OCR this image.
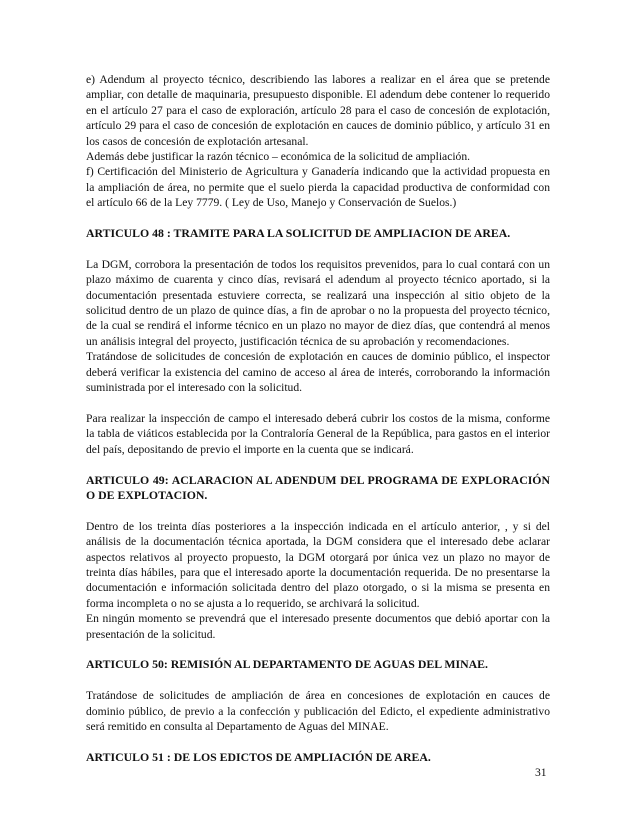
e) Adendum al proyecto técnico, describiendo las labores a realizar en el área que se pretende ampliar, con detalle de maquinaria, presupuesto disponible. El adendum debe contener lo requerido en el artículo 27 para el caso de exploración, artículo 28 para el caso de concesión de explotación, artículo 29 para el caso de concesión de explotación en cauces de dominio público, y artículo 31 en los casos de concesión de explotación artesanal.

Además debe justificar la razón técnico – económica de la solicitud de ampliación.

f) Certificación del Ministerio de Agricultura y Ganadería indicando que la actividad propuesta en la ampliación de área, no permite que el suelo pierda la capacidad productiva de conformidad con el artículo 66 de la Ley 7779. ( Ley de Uso, Manejo y Conservación de Suelos.)

ARTICULO 48 : TRAMITE PARA LA SOLICITUD DE AMPLIACION DE AREA.

La DGM, corrobora la presentación de todos los requisitos prevenidos, para lo cual contará con un plazo máximo de cuarenta y cinco días, revisará el adendum al proyecto técnico aportado, si la documentación presentada estuviere correcta, se realizará una inspección al sitio objeto de la solicitud dentro de un plazo de quince días, a fin de aprobar o no la propuesta del proyecto técnico, de la cual se rendirá el informe técnico en un plazo no mayor de diez días, que contendrá al menos un análisis integral del proyecto, justificación técnica de su aprobación y recomendaciones.

Tratándose de solicitudes de concesión de explotación en cauces de dominio público, el inspector deberá verificar la existencia del camino de acceso al área de interés, corroborando la información suministrada por el interesado con la solicitud.

Para realizar la inspección de campo el interesado deberá cubrir los costos de la misma, conforme la tabla de viáticos establecida por la Contraloría General de la República, para gastos en el interior del país, depositando de previo el importe en la cuenta que se indicará.

ARTICULO 49: ACLARACION AL ADENDUM DEL PROGRAMA DE EXPLORACIÓN O DE EXPLOTACION.

Dentro de los treinta días posteriores a la inspección indicada en el artículo anterior, , y si del análisis de la documentación técnica aportada, la DGM considera que el interesado debe aclarar aspectos relativos al proyecto propuesto, la DGM otorgará por única vez un plazo no mayor de treinta días hábiles, para que el interesado aporte la documentación requerida. De no presentarse la documentación e información solicitada dentro del plazo otorgado, o si la misma se presenta en forma incompleta o no se ajusta a lo requerido, se archivará la solicitud.

En ningún momento se prevendrá que el interesado presente documentos que debió aportar con la presentación de la solicitud.

ARTICULO 50: REMISIÓN AL DEPARTAMENTO DE AGUAS DEL MINAE.

Tratándose de solicitudes de ampliación de área en concesiones de explotación en cauces de dominio público, de previo a la confección y publicación del Edicto, el expediente administrativo será remitido en consulta al Departamento de Aguas del MINAE.

ARTICULO 51 : DE LOS EDICTOS DE AMPLIACIÓN DE AREA.

31
